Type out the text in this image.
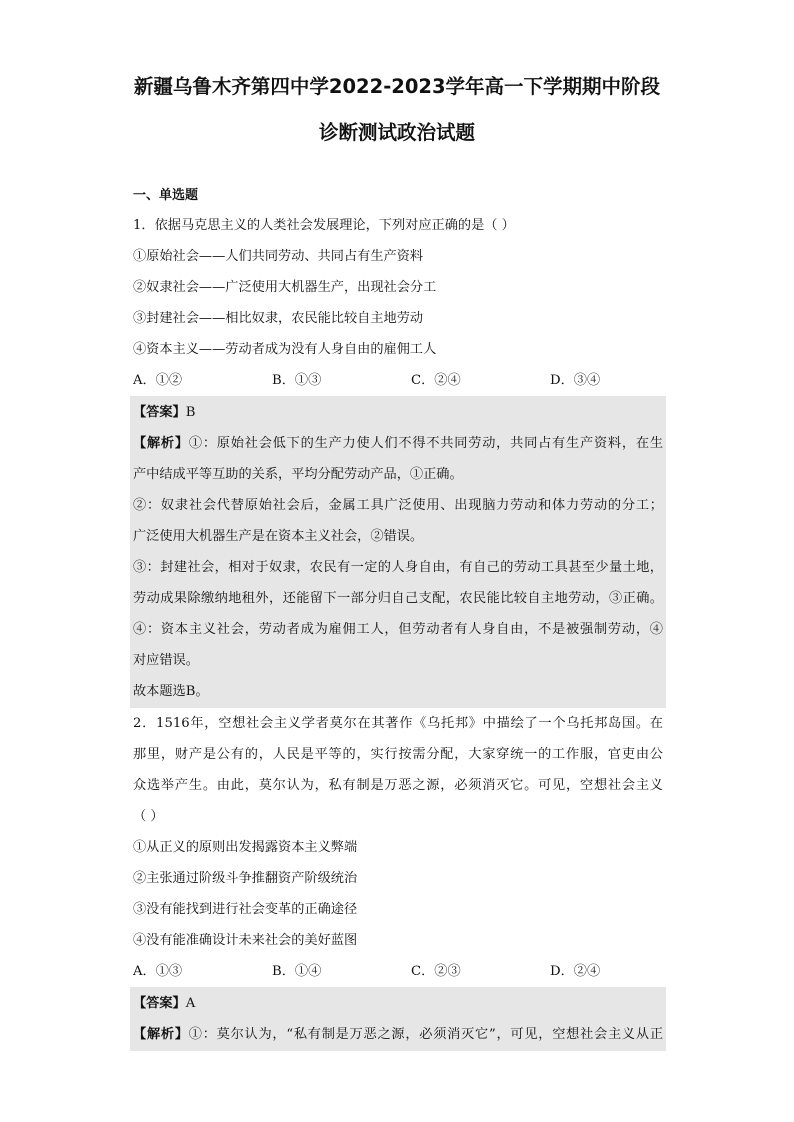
新疆乌鲁木齐第四中学2022-2023学年高一下学期期中阶段
诊断测试政治试题
一、单选题
1．依据马克思主义的人类社会发展理论，下列对应正确的是（ ）
①原始社会——人们共同劳动、共同占有生产资料
②奴隶社会——广泛使用大机器生产，出现社会分工
③封建社会——相比奴隶，农民能比较自主地劳动
④资本主义——劳动者成为没有人身自由的雇佣工人
A．①②	B．①③	C．②④	D．③④
【答案】B
【解析】①：原始社会低下的生产力使人们不得不共同劳动，共同占有生产资料，在生
产中结成平等互助的关系，平均分配劳动产品，①正确。
②：奴隶社会代替原始社会后，金属工具广泛使用、出现脑力劳动和体力劳动的分工；
广泛使用大机器生产是在资本主义社会，②错误。
③：封建社会，相对于奴隶，农民有一定的人身自由，有自己的劳动工具甚至少量土地，
劳动成果除缴纳地租外，还能留下一部分归自己支配，农民能比较自主地劳动，③正确。
④：资本主义社会，劳动者成为雇佣工人，但劳动者有人身自由，不是被强制劳动，④
对应错误。
故本题选B。
2．1516年，空想社会主义学者莫尔在其著作《乌托邦》中描绘了一个乌托邦岛国。在
那里，财产是公有的，人民是平等的，实行按需分配，大家穿统一的工作服，官吏由公
众选举产生。由此，莫尔认为，私有制是万恶之源，必须消灭它。可见，空想社会主义
（ ）
①从正义的原则出发揭露资本主义弊端
②主张通过阶级斗争推翻资产阶级统治
③没有能找到进行社会变革的正确途径
④没有能准确设计未来社会的美好蓝图
A．①③	B．①④	C．②③	D．②④
【答案】A
【解析】①：莫尔认为，“私有制是万恶之源，必须消灭它”，可见，空想社会主义从正
